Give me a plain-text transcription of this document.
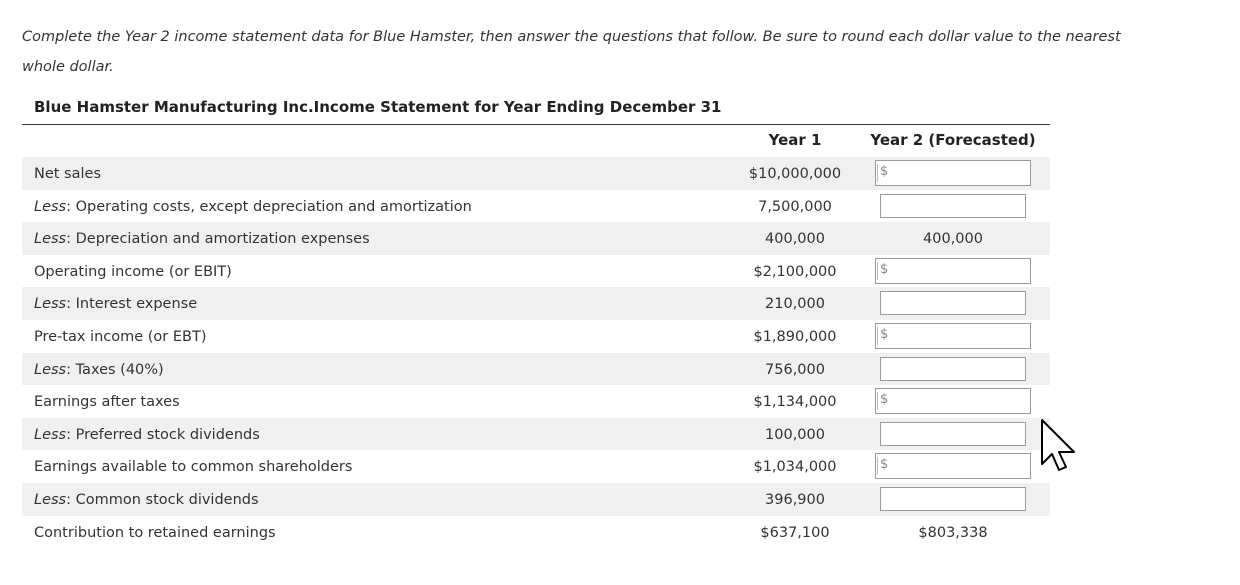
Complete the Year 2 income statement data for Blue Hamster, then answer the questions that follow. Be sure to round each dollar value to the nearest whole dollar.
Blue Hamster Manufacturing Inc.Income Statement for Year Ending December 31
Year 1	Year 2 (Forecasted)
Net sales	$10,000,000	$
Less: Operating costs, except depreciation and amortization	7,500,000
Less: Depreciation and amortization expenses	400,000	400,000
Operating income (or EBIT)	$2,100,000	$
Less: Interest expense	210,000
Pre-tax income (or EBT)	$1,890,000	$
Less: Taxes (40%)	756,000
Earnings after taxes	$1,134,000	$
Less: Preferred stock dividends	100,000
Earnings available to common shareholders	$1,034,000	$
Less: Common stock dividends	396,900
Contribution to retained earnings	$637,100	$803,338
